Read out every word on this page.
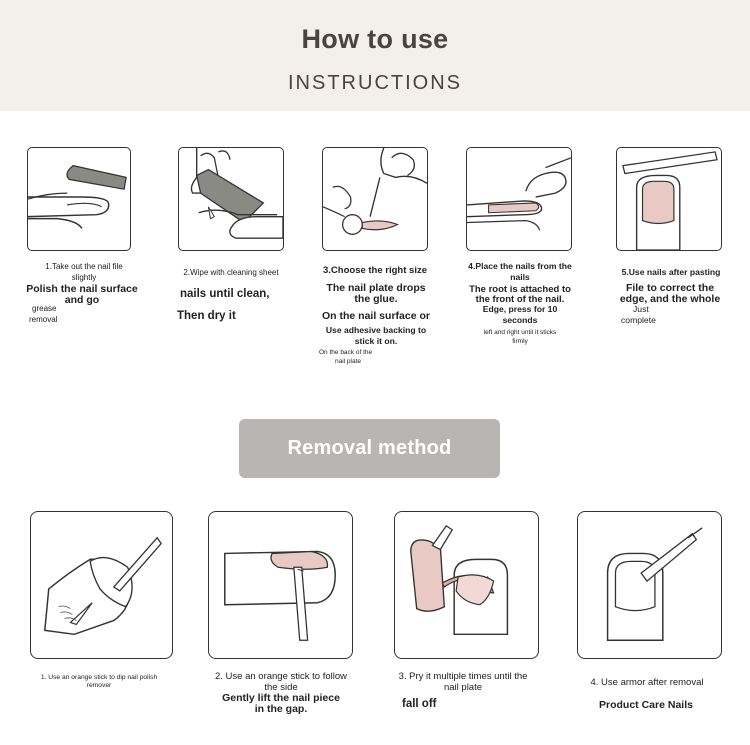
How to use
INSTRUCTIONS
1.Take out the nail file
slightly
Polish the nail surface
and go
grease
removal
2.Wipe with cleaning sheet
nails until clean,
Then dry it
3.Choose the right size
The nail plate drops
the glue.
On the nail surface or
Use adhesive backing to
stick it on.
On the back of the
nail plate
4.Place the nails from the
nails
The root is attached to
the front of the nail.
Edge, press for 10
seconds
left and right until it sticks
firmly
5.Use nails after pasting
File to correct the
edge, and the whole
Just
complete
Removal method
1. Use an orange stick to dip nail polish
remover
2. Use an orange stick to follow
the side
Gently lift the nail piece
in the gap.
3. Pry it multiple times until the
nail plate
fall off
4. Use armor after removal
Product Care Nails
